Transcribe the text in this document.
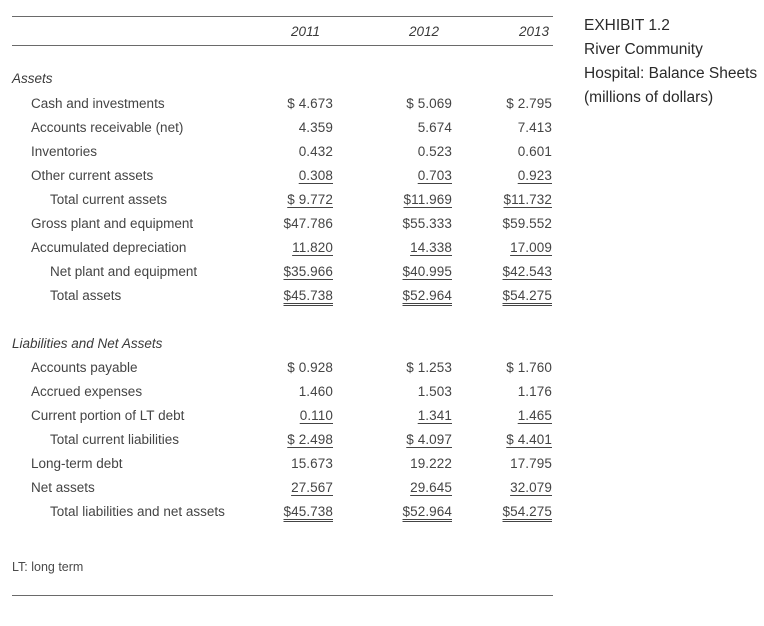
2011	2012	2013
Assets
Cash and investments	$ 4.673	$ 5.069	$ 2.795
Accounts receivable (net)	4.359	5.674	7.413
Inventories	0.432	0.523	0.601
Other current assets	0.308	0.703	0.923
Total current assets	$ 9.772	$11.969	$11.732
Gross plant and equipment	$47.786	$55.333	$59.552
Accumulated depreciation	11.820	14.338	17.009
Net plant and equipment	$35.966	$40.995	$42.543
Total assets	$45.738	$52.964	$54.275
Liabilities and Net Assets
Accounts payable	$ 0.928	$ 1.253	$ 1.760
Accrued expenses	1.460	1.503	1.176
Current portion of LT debt	0.110	1.341	1.465
Total current liabilities	$ 2.498	$ 4.097	$ 4.401
Long-term debt	15.673	19.222	17.795
Net assets	27.567	29.645	32.079
Total liabilities and net assets	$45.738	$52.964	$54.275
LT: long term
EXHIBIT 1.2
River Community
Hospital: Balance Sheets
(millions of dollars)
